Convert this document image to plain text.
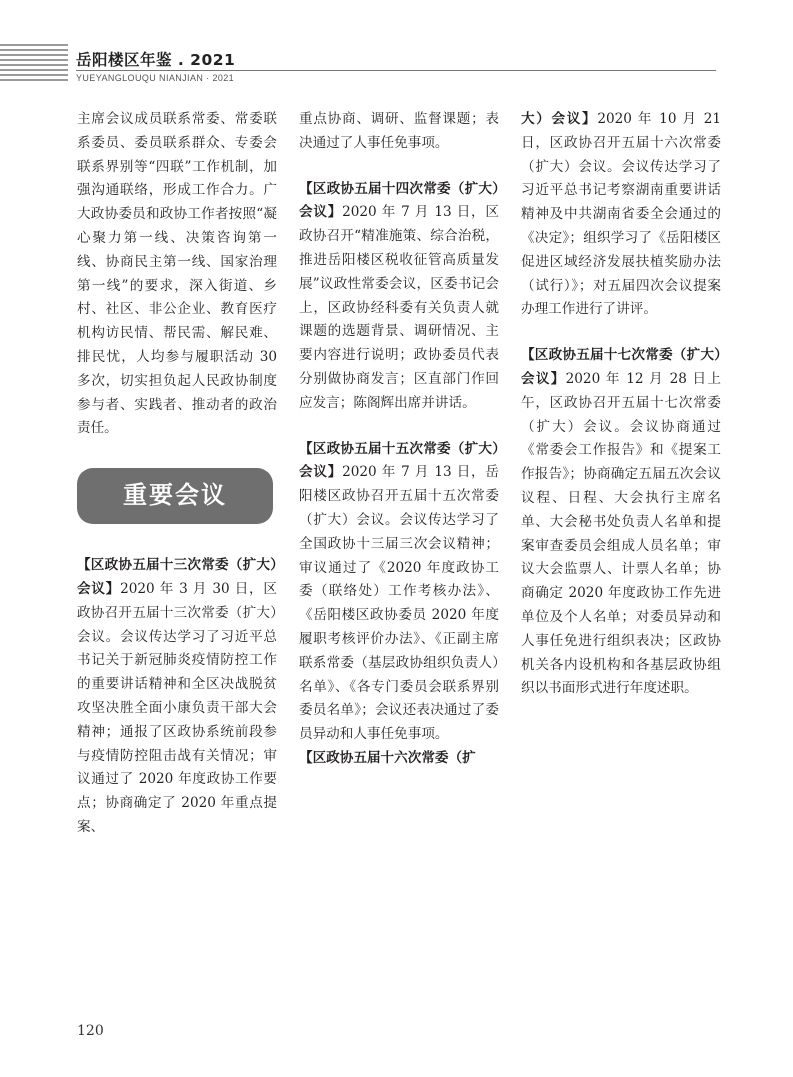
岳阳楼区年鉴 . 2021
YUEYANGLOUQU NIANJIAN · 2021

主席会议成员联系常委、常委联系委员、委员联系群众、专委会联系界别等“四联”工作机制，加强沟通联络，形成工作合力。广大政协委员和政协工作者按照“凝心聚力第一线、决策咨询第一线、协商民主第一线、国家治理第一线”的要求，深入街道、乡村、社区、非公企业、教育医疗机构访民情、帮民需、解民难、排民忧，人均参与履职活动 30 多次，切实担负起人民政协制度参与者、实践者、推动者的政治责任。

重要会议

【区政协五届十三次常委（扩大）会议】2020 年 3 月 30 日，区政协召开五届十三次常委（扩大）会议。会议传达学习了习近平总书记关于新冠肺炎疫情防控工作的重要讲话精神和全区决战脱贫攻坚决胜全面小康负责干部大会精神；通报了区政协系统前段参与疫情防控阻击战有关情况；审议通过了 2020 年度政协工作要点；协商确定了 2020 年重点提案、

重点协商、调研、监督课题；表决通过了人事任免事项。

【区政协五届十四次常委（扩大）会议】2020 年 7 月 13 日，区政协召开“精准施策、综合治税，推进岳阳楼区税收征管高质量发展”议政性常委会议，区委书记会上，区政协经科委有关负责人就课题的选题背景、调研情况、主要内容进行说明；政协委员代表分别做协商发言；区直部门作回应发言；陈阁辉出席并讲话。

【区政协五届十五次常委（扩大）会议】2020 年 7 月 13 日，岳阳楼区政协召开五届十五次常委（扩大）会议。会议传达学习了全国政协十三届三次会议精神；审议通过了《2020 年度政协工委（联络处）工作考核办法》、《岳阳楼区政协委员 2020 年度履职考核评价办法》、《正副主席联系常委（基层政协组织负责人）名单》、《各专门委员会联系界别委员名单》；会议还表决通过了委员异动和人事任免事项。

【区政协五届十六次常委（扩

大）会议】2020 年 10 月 21 日，区政协召开五届十六次常委（扩大）会议。会议传达学习了习近平总书记考察湖南重要讲话精神及中共湖南省委全会通过的《决定》；组织学习了《岳阳楼区促进区域经济发展扶植奖励办法（试行）》；对五届四次会议提案办理工作进行了讲评。

【区政协五届十七次常委（扩大）会议】2020 年 12 月 28 日上午，区政协召开五届十七次常委（扩大）会议。会议协商通过《常委会工作报告》和《提案工作报告》；协商确定五届五次会议议程、日程、大会执行主席名单、大会秘书处负责人名单和提案审查委员会组成人员名单；审议大会监票人、计票人名单；协商确定 2020 年度政协工作先进单位及个人名单；对委员异动和人事任免进行组织表决；区政协机关各内设机构和各基层政协组织以书面形式进行年度述职。

120
